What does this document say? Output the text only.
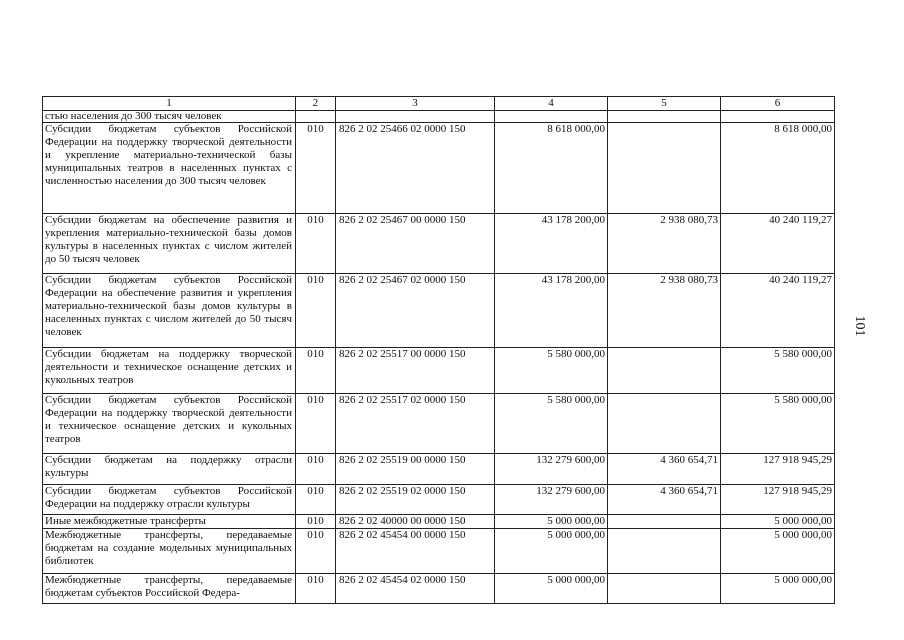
1	2	3	4	5	6
стью населения до 300 тысяч человек					
Субсидии бюджетам субъектов Российской Федерации на поддержку творческой деятельности и укрепление материально-технической базы муниципальных театров в населенных пунктах с численностью населения до 300 тысяч человек	010	826 2 02 25466 02 0000 150	8 618 000,00		8 618 000,00
Субсидии бюджетам на обеспечение развития и укрепления материально-технической базы домов культуры в населенных пунктах с числом жителей до 50 тысяч человек	010	826 2 02 25467 00 0000 150	43 178 200,00	2 938 080,73	40 240 119,27
Субсидии бюджетам субъектов Российской Федерации на обеспечение развития и укрепления материально-технической базы домов культуры в населенных пунктах с числом жителей до 50 тысяч человек	010	826 2 02 25467 02 0000 150	43 178 200,00	2 938 080,73	40 240 119,27
Субсидии бюджетам на поддержку творческой деятельности и техническое оснащение детских и кукольных театров	010	826 2 02 25517 00 0000 150	5 580 000,00		5 580 000,00
Субсидии бюджетам субъектов Российской Федерации на поддержку творческой деятельности и техническое оснащение детских и кукольных театров	010	826 2 02 25517 02 0000 150	5 580 000,00		5 580 000,00
Субсидии бюджетам на поддержку отрасли культуры	010	826 2 02 25519 00 0000 150	132 279 600,00	4 360 654,71	127 918 945,29
Субсидии бюджетам субъектов Российской Федерации на поддержку отрасли культуры	010	826 2 02 25519 02 0000 150	132 279 600,00	4 360 654,71	127 918 945,29
Иные межбюджетные трансферты	010	826 2 02 40000 00 0000 150	5 000 000,00		5 000 000,00
Межбюджетные трансферты, передаваемые бюджетам на создание модельных муниципальных библиотек	010	826 2 02 45454 00 0000 150	5 000 000,00		5 000 000,00
Межбюджетные трансферты, передаваемые бюджетам субъектов Российской Федера-	010	826 2 02 45454 02 0000 150	5 000 000,00		5 000 000,00
101
